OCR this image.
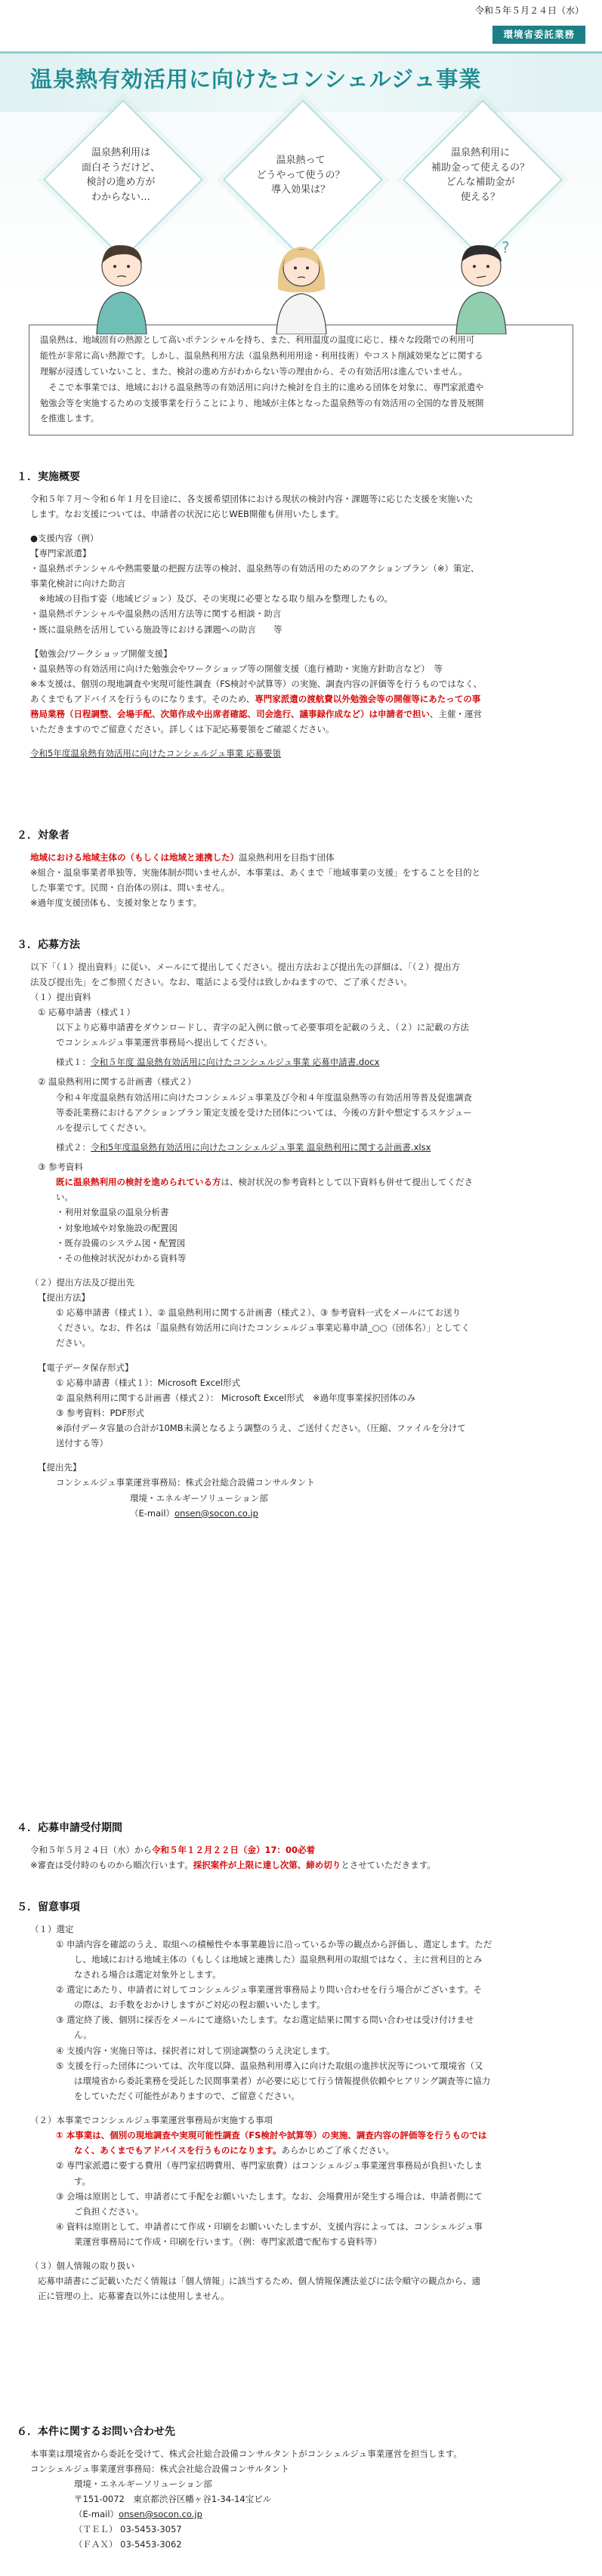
令和５年５月２４日（水）
環境省委託業務
温泉熱有効活用に向けたコンシェルジュ事業
温泉熱利用は
面白そうだけど、
検討の進め方が
わからない…
温泉熱って
どうやって使うの？
導入効果は？
温泉熱利用に
補助金って使えるの？
どんな補助金が
使える？
?
温泉熱は、地域固有の熱源として高いポテンシャルを持ち、また、利用温度の温度に応じ、様々な段階での利用可
能性が非常に高い熱源です。しかし、温泉熱利用方法（温泉熱利用用途・利用技術）やコスト削減効果などに関する
理解が浸透していないこと、また、検討の進め方がわからない等の理由から、その有効活用は進んでいません。
　そこで本事業では、地域における温泉熱等の有効活用に向けた検討を自主的に進める団体を対象に、専門家派遣や
勉強会等を実施するための支援事業を行うことにより、地域が主体となった温泉熱等の有効活用の全国的な普及展開
を推進します。
１．実施概要

令和５年７月～令和６年１月を目途に、各支援希望団体における現状の検討内容・課題等に応じた支援を実施いた

します。なお支援については、申請者の状況に応じWEB開催も併用いたします。

●支援内容（例）

【専門家派遣】

・温泉熱ポテンシャルや熱需要量の把握方法等の検討、温泉熱等の有効活用のためのアクションプラン（※）策定、

事業化検討に向けた助言

　※地域の目指す姿（地域ビジョン）及び、その実現に必要となる取り組みを整理したもの。

・温泉熱ポテンシャルや温泉熱の活用方法等に関する相談・助言

・既に温泉熱を活用している施設等における課題への助言　　等

【勉強会/ワークショップ開催支援】

・温泉熱等の有効活用に向けた勉強会やワークショップ等の開催支援（進行補助・実施方針助言など）　等

※本支援は、個別の現地調査や実現可能性調査（FS検討や試算等）の実施、調査内容の評価等を行うものではなく、

あくまでもアドバイスを行うものになります。そのため、専門家派遣の渡航費以外勉強会等の開催等にあたっての事

務局業務（日程調整、会場手配、次第作成や出席者確認、司会進行、議事録作成など）は申請者で担い、主催・運営

いただきますのでご留意ください。詳しくは下記応募要領をご確認ください。

令和5年度温泉熱有効活用に向けたコンシェルジュ事業 応募要領

２．対象者

地域における地域主体の（もしくは地域と連携した）温泉熱利用を目指す団体

※組合・温泉事業者単独等、実施体制が問いませんが、本事業は、あくまで「地域事業の支援」をすることを目的と

した事業です。民間・自治体の別は、問いません。

※過年度支援団体も、支援対象となります。

３．応募方法

以下「（１）提出資料」に従い、メールにて提出してください。提出方法および提出先の詳細は、「（２）提出方

法及び提出先」をご参照ください。なお、電話による受付は致しかねますので、ご了承ください。

（１）提出資料

① 応募申請書（様式１）

以下より応募申請書をダウンロードし、青字の記入例に倣って必要事項を記載のうえ、（２）に記載の方法

でコンシェルジュ事業運営事務局へ提出してください。

様式１：令和５年度 温泉熱有効活用に向けたコンシェルジュ事業 応募申請書.docx

② 温泉熱利用に関する計画書（様式２）

令和４年度温泉熱有効活用に向けたコンシェルジュ事業及び令和４年度温泉熱等の有効活用等普及促進調査

等委託業務におけるアクションプラン策定支援を受けた団体については、今後の方針や想定するスケジュー

ルを提示してください。

様式２：令和5年度温泉熱有効活用に向けたコンシェルジュ事業 温泉熱利用に関する計画書.xlsx

③ 参考資料

既に温泉熱利用の検討を進められている方は、検討状況の参考資料として以下資料も併せて提出してくださ

い。

・利用対象温泉の温泉分析書

・対象地域や対象施設の配置図

・既存設備のシステム図・配置図

・その他検討状況がわかる資料等

（２）提出方法及び提出先

【提出方法】

① 応募申請書（様式１）、② 温泉熱利用に関する計画書（様式２）、③ 参考資料一式をメールにてお送り

ください。なお、件名は「温泉熱有効活用に向けたコンシェルジュ事業応募申請_○○（団体名）」としてく

ださい。

【電子データ保存形式】

① 応募申請書（様式１）：Microsoft Excel形式

② 温泉熱利用に関する計画書（様式２）： Microsoft Excel形式　※過年度事業採択団体のみ

③ 参考資料：PDF形式

※添付データ容量の合計が10MB未満となるよう調整のうえ、ご送付ください。（圧縮、ファイルを分けて

送付する等）

【提出先】

コンシェルジュ事業運営事務局：株式会社総合設備コンサルタント

環境・エネルギーソリューション部

（E-mail）onsen@socon.co.jp

４．応募申請受付期間

令和５年５月２４日（水）から令和５年１２月２２日（金）17：00必着

※審査は受付時のものから順次行います。採択案件が上限に達し次第、締め切りとさせていただきます。

５．留意事項

（１）選定

① 申請内容を確認のうえ、取組への積極性や本事業趣旨に沿っているか等の観点から評価し、選定します。ただ

し、地域における地域主体の（もしくは地域と連携した）温泉熱利用の取組ではなく、主に営利目的とみ

なされる場合は選定対象外とします。

② 選定にあたり、申請者に対してコンシェルジュ事業運営事務局より問い合わせを行う場合がございます。そ

の際は、お手数をおかけしますがご対応の程お願いいたします。

③ 選定終了後、個別に採否をメールにて連絡いたします。なお選定結果に関する問い合わせは受け付けませ

ん。

④ 支援内容・実施日等は、採択者に対して別途調整のうえ決定します。

⑤ 支援を行った団体については、次年度以降、温泉熱利用導入に向けた取組の進捗状況等について環境省（又

は環境省から委託業務を受託した民間事業者）が必要に応じて行う情報提供依頼やヒアリング調査等に協力

をしていただく可能性がありますので、ご留意ください。

（２）本事業でコンシェルジュ事業運営事務局が実施する事項

① 本事業は、個別の現地調査や実現可能性調査（FS検討や試算等）の実施、調査内容の評価等を行うものでは

なく、あくまでもアドバイスを行うものになります。あらかじめご了承ください。

② 専門家派遣に要する費用（専門家招聘費用、専門家旅費）はコンシェルジュ事業運営事務局が負担いたしま

す。

③ 会場は原則として、申請者にて手配をお願いいたします。なお、会場費用が発生する場合は、申請者側にて

ご負担ください。

④ 資料は原則として、申請者にて作成・印刷をお願いいたしますが、支援内容によっては、コンシェルジュ事

業運営事務局にて作成・印刷を行います。（例：専門家派遣で配布する資料等）

（３）個人情報の取り扱い

応募申請書にご記載いただく情報は「個人情報」に該当するため、個人情報保護法並びに法令順守の観点から、適

正に管理の上、応募審査以外には使用しません。

６．本件に関するお問い合わせ先

本事業は環境省から委託を受けて、株式会社総合設備コンサルタントがコンシェルジュ事業運営を担当します。

コンシェルジュ事業運営事務局：株式会社総合設備コンサルタント

環境・エネルギーソリューション部

〒151-0072　東京都渋谷区幡ヶ谷1-34-14宝ビル

（E-mail）onsen@socon.co.jp

（ＴＥＬ） 03-5453-3057

（ＦＡＸ） 03-5453-3062
